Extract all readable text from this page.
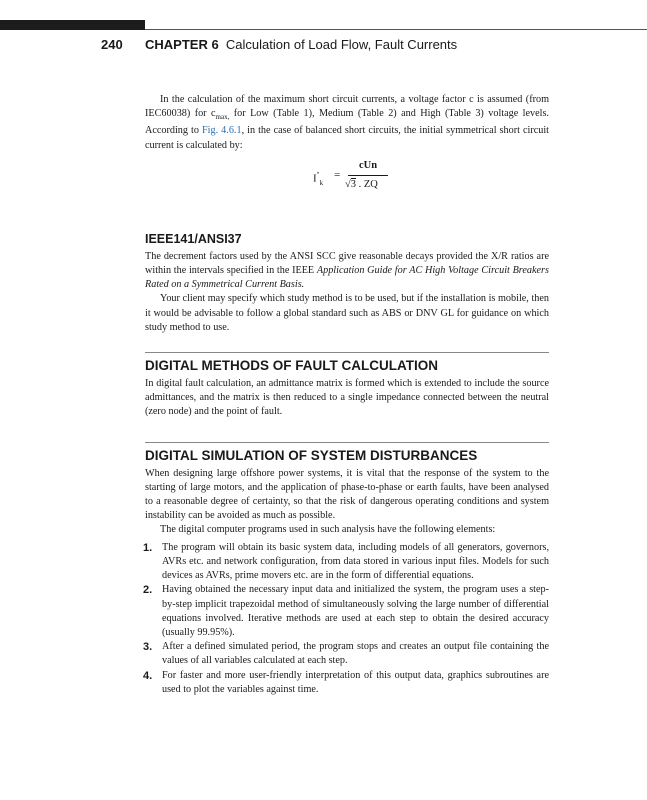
240 CHAPTER 6 Calculation of Load Flow, Fault Currents

In the calculation of the maximum short circuit currents, a voltage factor c is assumed (from IEC60038) for $c_{max,}$ for Low (Table 1), Medium (Table 2) and High (Table 3) voltage levels. According to Fig. 4.6.1, in the case of balanced short circuits, the initial symmetrical short circuit current is calculated by:

$I''_k$
=
cUn
√3 . ZQ
IEEE141/ANSI37

The decrement factors used by the ANSI SCC give reasonable decays provided the X/R ratios are within the intervals specified in the IEEE Application Guide for AC High Voltage Circuit Breakers Rated on a Symmetrical Current Basis.

Your client may specify which study method is to be used, but if the installation is mobile, then it would be advisable to follow a global standard such as ABS or DNV GL for guidance on which study method to use.

DIGITAL METHODS OF FAULT CALCULATION

In digital fault calculation, an admittance matrix is formed which is extended to include the source admittances, and the matrix is then reduced to a single impedance connected between the neutral (zero node) and the point of fault.

DIGITAL SIMULATION OF SYSTEM DISTURBANCES

When designing large offshore power systems, it is vital that the response of the system to the starting of large motors, and the application of phase-to-phase or earth faults, have been analysed to a reasonable degree of certainty, so that the risk of dangerous operating conditions and system instability can be avoided as much as possible.

The digital computer programs used in such analysis have the following elements:

1. The program will obtain its basic system data, including models of all generators, governors, AVRs etc. and network configuration, from data stored in various input files. Models for such devices as AVRs, prime movers etc. are in the form of differential equations.
2. Having obtained the necessary input data and initialized the system, the program uses a step-by-step implicit trapezoidal method of simultaneously solving the large number of differential equations involved. Iterative methods are used at each step to obtain the desired accuracy (usually 99.95%).
3. After a defined simulated period, the program stops and creates an output file containing the values of all variables calculated at each step.
4. For faster and more user-friendly interpretation of this output data, graphics subroutines are used to plot the variables against time.
